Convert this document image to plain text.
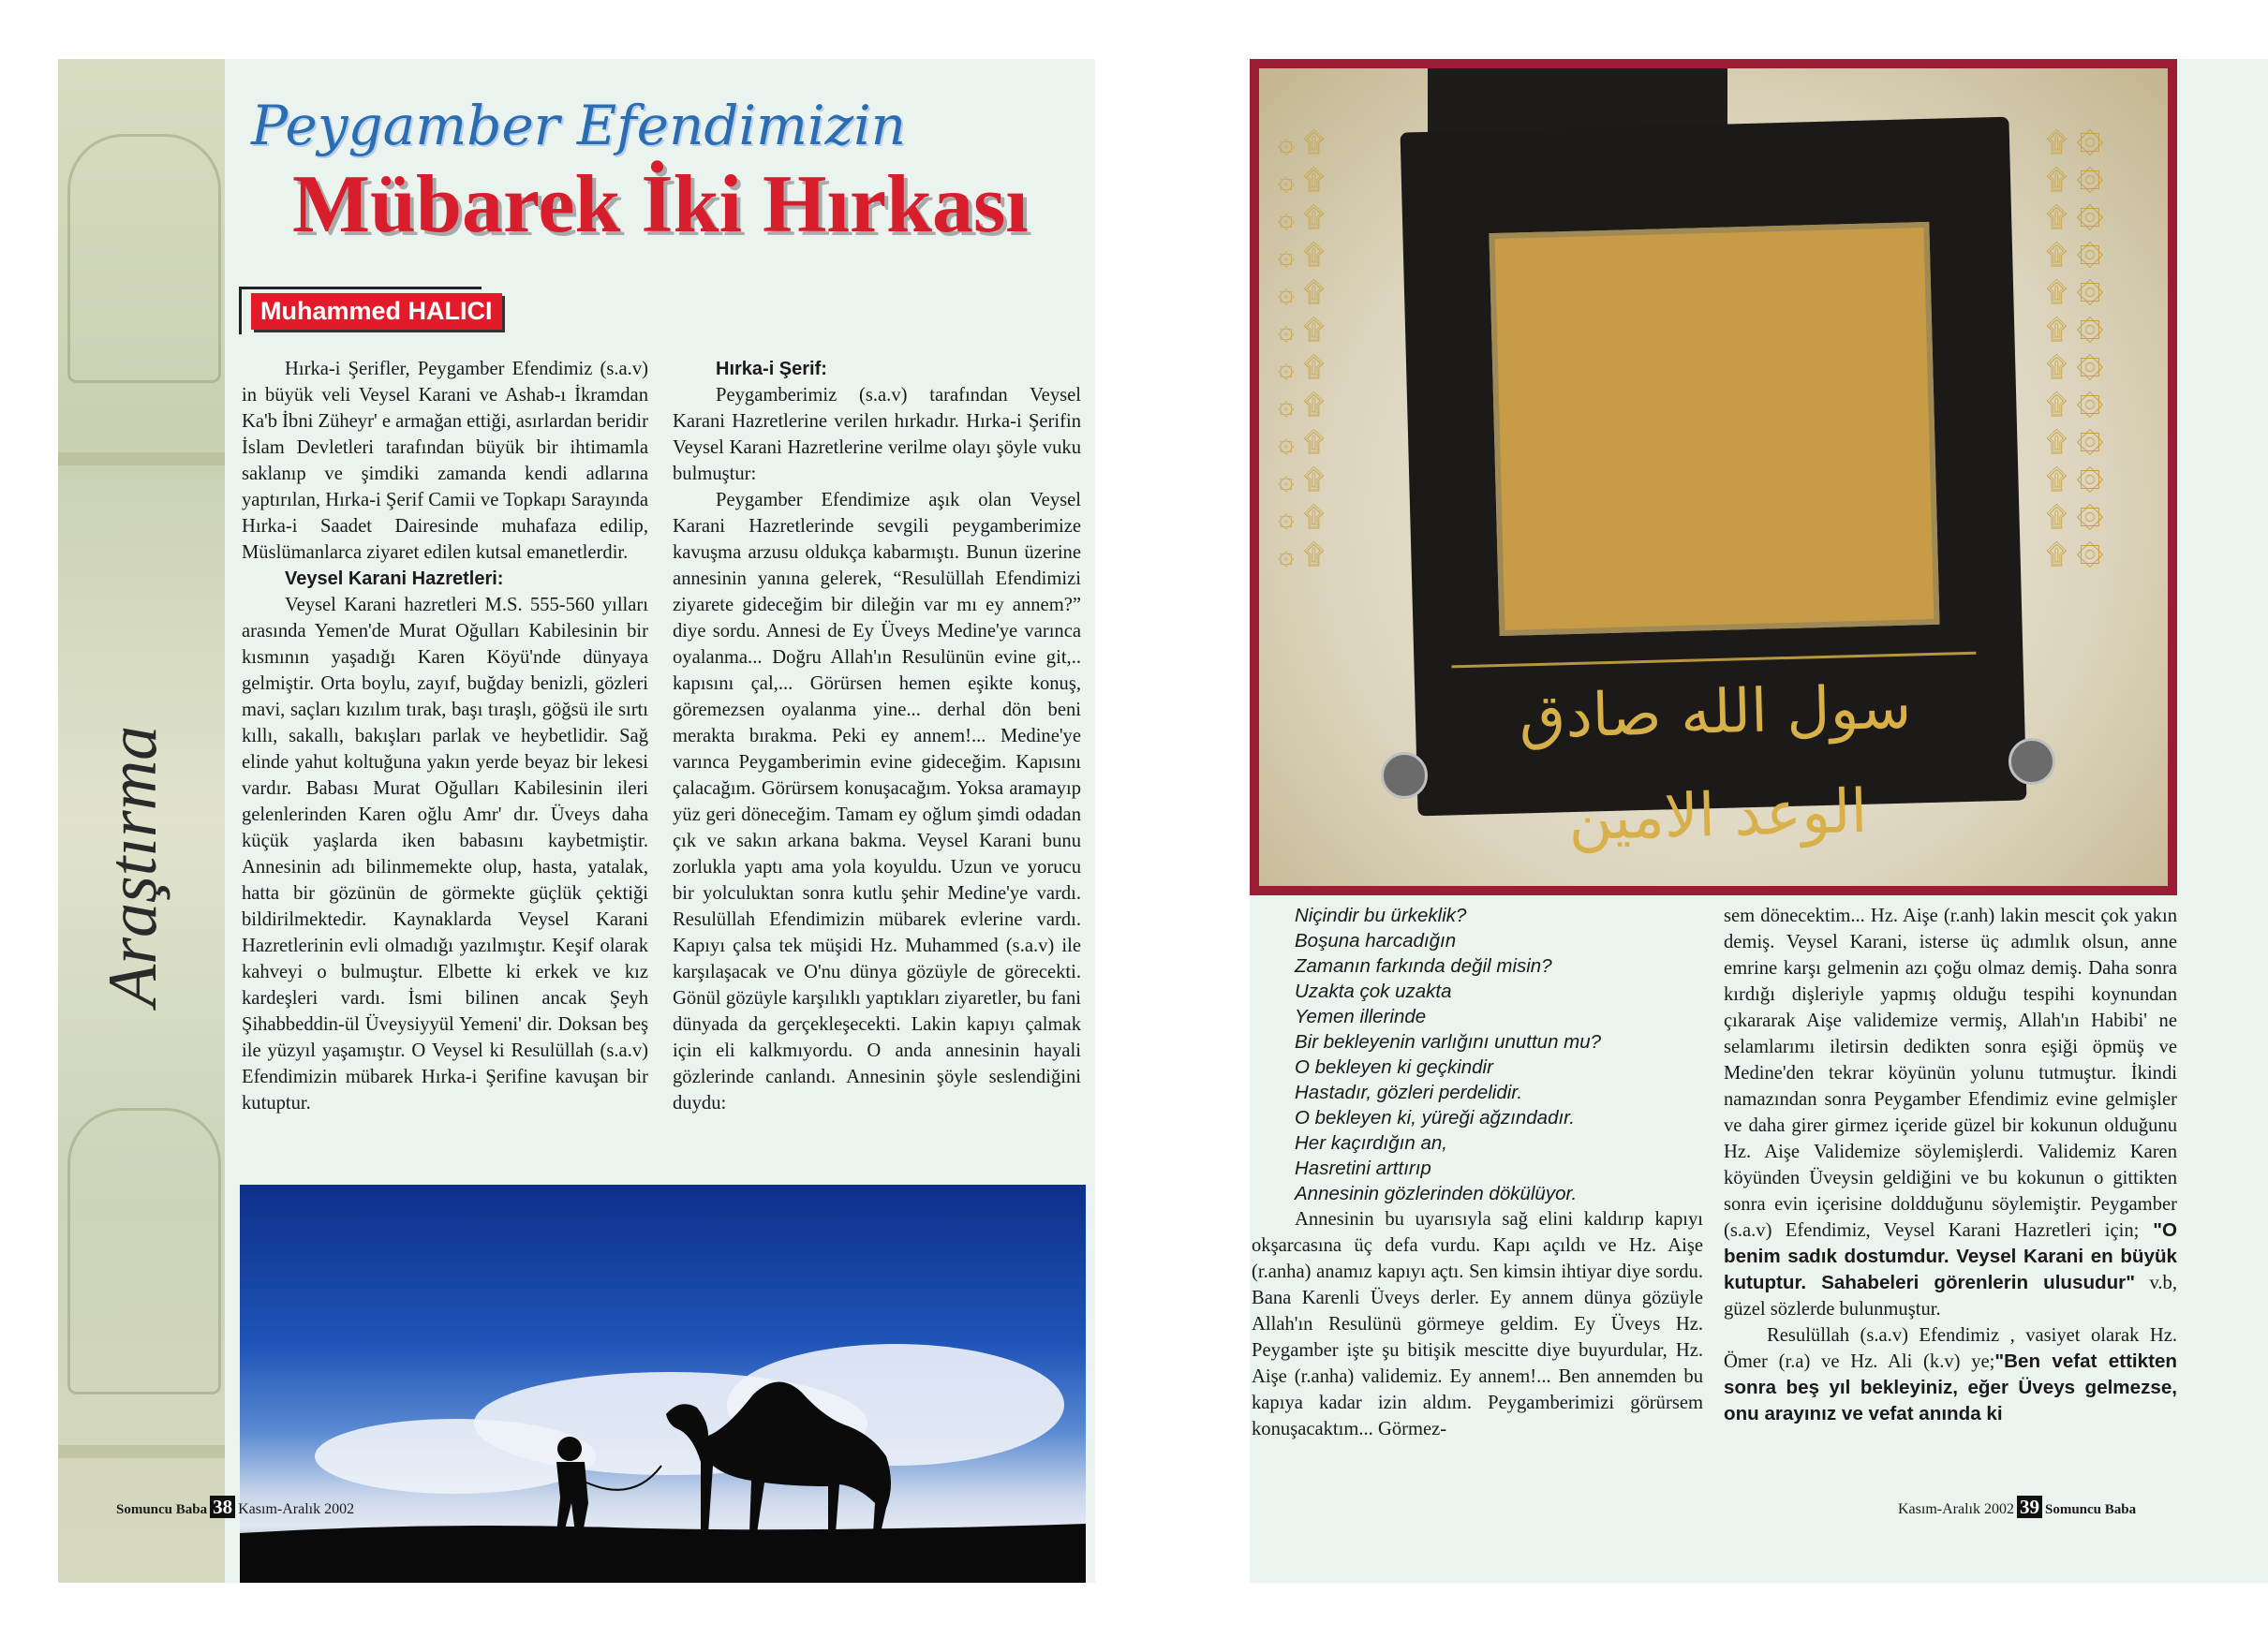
Araştırma
Peygamber Efendimizin
Mübarek İki Hırkası
Muhammed HALICI

Hırka-i Şerifler, Peygamber Efendimiz (s.a.v) in büyük veli Veysel Karani ve Ashab-ı İkramdan Ka'b İbni Züheyr' e armağan ettiği, asırlardan beridir İslam Devletleri tarafından büyük bir ihtimamla saklanıp ve şimdiki zamanda kendi adlarına yaptırılan, Hırka-i Şerif Camii ve Topkapı Sarayında Hırka-i Saadet Dairesinde muhafaza edilip, Müslümanlarca ziyaret edilen kutsal emanetlerdir.

Veysel Karani Hazretleri:

Veysel Karani hazretleri M.S. 555-560 yılları arasında Yemen'de Murat Oğulları Kabilesinin bir kısmının yaşadığı Karen Köyü'nde dünyaya gelmiştir. Orta boylu, zayıf, buğday benizli, gözleri mavi, saçları kızılım tırak, başı tıraşlı, göğsü ile sırtı kıllı, sakallı, bakışları parlak ve heybetlidir. Sağ elinde yahut koltuğuna yakın yerde beyaz bir lekesi vardır. Babası Murat Oğulları Kabilesinin ileri gelenlerinden Karen oğlu Amr' dır. Üveys daha küçük yaşlarda iken babasını kaybetmiştir. Annesinin adı bilinmemekte olup, hasta, yatalak, hatta bir gözünün de görmekte güçlük çektiği bildirilmektedir. Kaynaklarda Veysel Karani Hazretlerinin evli olmadığı yazılmıştır. Keşif olarak kahveyi o bulmuştur. Elbette ki erkek ve kız kardeşleri vardı. İsmi bilinen ancak Şeyh Şihabbeddin-ül Üveysiyyül Yemeni' dir. Doksan beş ile yüzyıl yaşamıştır. O Veysel ki Resulüllah (s.a.v) Efendimizin mübarek Hırka-i Şerifine kavuşan bir kutuptur.

Hırka-i Şerif:

Peygamberimiz (s.a.v) tarafından Veysel Karani Hazretlerine verilen hırkadır. Hırka-i Şerifin Veysel Karani Hazretlerine verilme olayı şöyle vuku bulmuştur:

Peygamber Efendimize aşık olan Veysel Karani Hazretlerinde sevgili peygamberimize kavuşma arzusu oldukça kabarmıştı. Bunun üzerine annesinin yanına gelerek, “Resulüllah Efendimizi ziyarete gideceğim bir dileğin var mı ey annem?” diye sordu. Annesi de Ey Üveys Medine'ye varınca oyalanma... Doğru Allah'ın Resulünün evine git,.. kapısını çal,... Görürsen hemen eşikte konuş, göremezsen oyalanma yine... derhal dön beni merakta bırakma. Peki ey annem!... Medine'ye varınca Peygamberimin evine gideceğim. Kapısını çalacağım. Görürsem konuşacağım. Yoksa aramayıp yüz geri döneceğim. Tamam ey oğlum şimdi odadan çık ve sakın arkana bakma. Veysel Karani bunu zorlukla yaptı ama yola koyuldu. Uzun ve yorucu bir yolculuktan sonra kutlu şehir Medine'ye vardı. Resulüllah Efendimizin mübarek evlerine vardı. Kapıyı çalsa tek müşidi Hz. Muhammed (s.a.v) ile karşılaşacak ve O'nu dünya gözüyle de görecekti. Gönül gözüyle karşılıklı yaptıkları ziyaretler, bu fani dünyada da gerçekleşecekti. Lakin kapıyı çalmak için eli kalkmıyordu. O anda annesinin hayali gözlerinde canlandı. Annesinin şöyle seslendiğini duydu:

۞ ۩
۞ ۩
۞ ۩
۞ ۩
۞ ۩
۞ ۩
۞ ۩
۞ ۩
۞ ۩
۞ ۩
۞ ۩
۞ ۩
۩ ۞
۩ ۞
۩ ۞
۩ ۞
۩ ۞
۩ ۞
۩ ۞
۩ ۞
۩ ۞
۩ ۞
۩ ۞
۩ ۞
سول الله صادق الوعد الامين
Niçindir bu ürkeklik?
Boşuna harcadığın
Zamanın farkında değil misin?
Uzakta çok uzakta
Yemen illerinde
Bir bekleyenin varlığını unuttun mu?
O bekleyen ki geçkindir
Hastadır, gözleri perdelidir.
O bekleyen ki, yüreği ağzındadır.
Her kaçırdığın an,
Hasretini arttırıp
Annesinin gözlerinden dökülüyor.

Annesinin bu uyarısıyla sağ elini kaldırıp kapıyı okşarcasına üç defa vurdu. Kapı açıldı ve Hz. Aişe (r.anha) anamız kapıyı açtı. Sen kimsin ihtiyar diye sordu. Bana Karenli Üveys derler. Ey annem dünya gözüyle Allah'ın Resulünü görmeye geldim. Ey Üveys Hz. Peygamber işte şu bitişik mescitte diye buyurdular, Hz. Aişe (r.anha) validemiz. Ey annem!... Ben annemden bu kapıya kadar izin aldım. Peygamberimizi görürsem konuşacaktım... Görmez-

sem dönecektim... Hz. Aişe (r.anh) lakin mescit çok yakın demiş. Veysel Karani, isterse üç adımlık olsun, anne emrine karşı gelmenin azı çoğu olmaz demiş. Daha sonra kırdığı dişleriyle yapmış olduğu tespihi koynundan çıkararak Aişe validemize vermiş, Allah'ın Habibi' ne selamlarımı iletirsin dedikten sonra eşiği öpmüş ve Medine'den tekrar köyünün yolunu tutmuştur. İkindi namazından sonra Peygamber Efendimiz evine gelmişler ve daha girer girmez içeride güzel bir kokunun olduğunu Hz. Aişe Validemize söylemişlerdi. Validemiz Karen köyünden Üveysin geldiğini ve bu kokunun o gittikten sonra evin içerisine doldduğunu söylemiştir. Peygamber (s.a.v) Efendimiz, Veysel Karani Hazretleri için; "O benim sadık dostumdur. Veysel Karani en büyük kutuptur. Sahabeleri görenlerin ulusudur" v.b, güzel sözlerde bulunmuştur.

Resulüllah (s.a.v) Efendimiz , vasiyet olarak Hz. Ömer (r.a) ve Hz. Ali (k.v) ye;"Ben vefat ettikten sonra beş yıl bekleyiniz, eğer Üveys gelmezse, onu arayınız ve vefat anında ki

Somuncu Baba 38 Kasım-Aralık 2002	Kasım-Aralık 2002 39 Somuncu Baba
